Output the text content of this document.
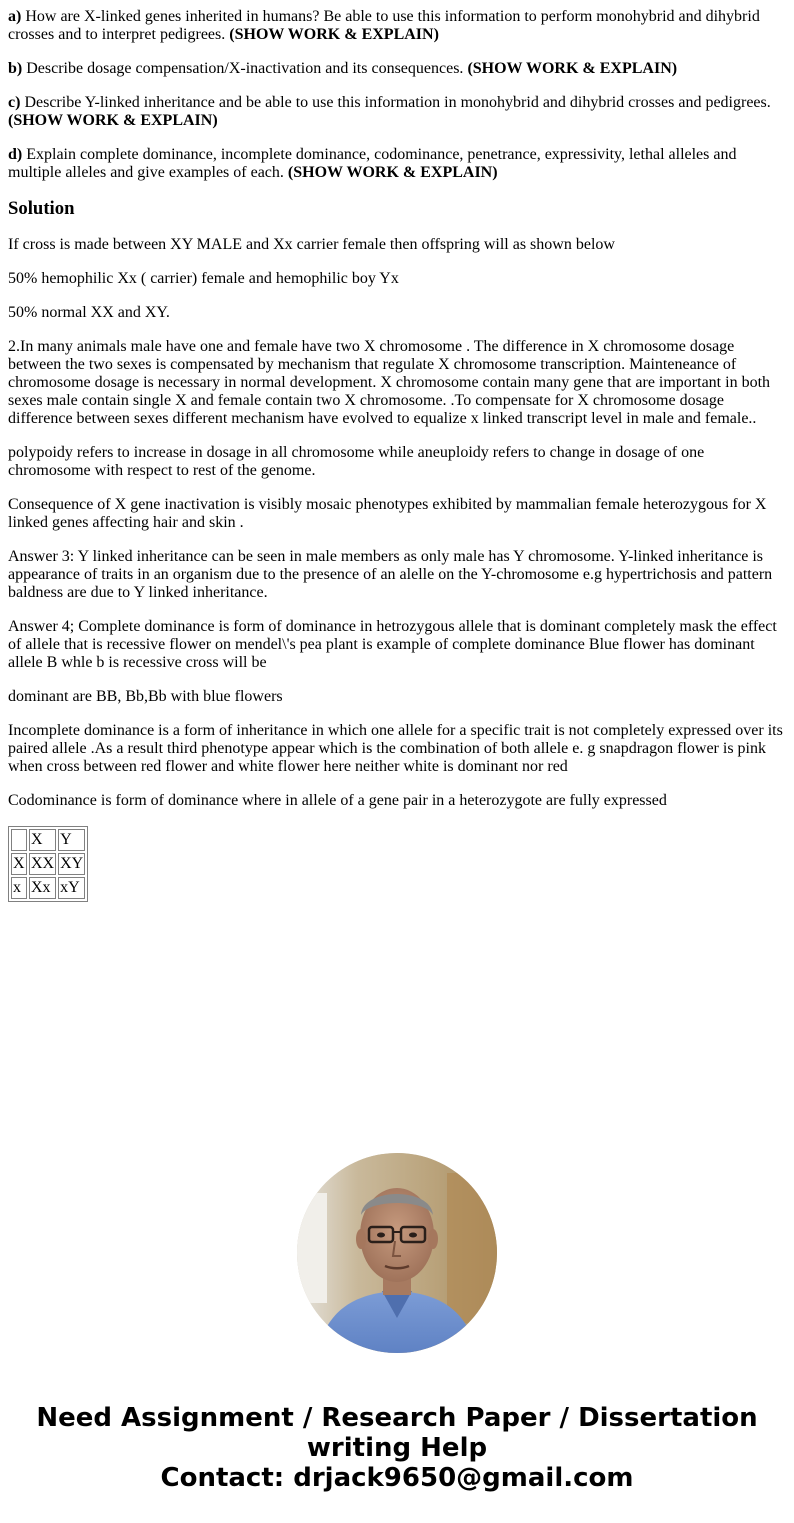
a) How are X-linked genes inherited in humans? Be able to use this information to perform monohybrid and dihybrid crosses and to interpret pedigrees. (SHOW WORK & EXPLAIN)

b) Describe dosage compensation/X-inactivation and its consequences. (SHOW WORK & EXPLAIN)

c) Describe Y-linked inheritance and be able to use this information in monohybrid and dihybrid crosses and pedigrees. (SHOW WORK & EXPLAIN)

d) Explain complete dominance, incomplete dominance, codominance, penetrance, expressivity, lethal alleles and multiple alleles and give examples of each. (SHOW WORK & EXPLAIN)

Solution

If cross is made between XY MALE and Xx carrier female then offspring will as shown below

50% hemophilic Xx ( carrier) female and hemophilic boy Yx

50% normal XX and XY.

2.In many animals male have one and female have two X chromosome . The difference in X chromosome dosage between the two sexes is compensated by mechanism that regulate X chromosome transcription. Mainteneance of chromosome dosage is necessary in normal development. X chromosome contain many gene that are important in both sexes male contain single X and female contain two X chromosome. .To compensate for X chromosome dosage difference between sexes different mechanism have evolved to equalize x linked transcript level in male and female..

polypoidy refers to increase in dosage in all chromosome while aneuploidy refers to change in dosage of one chromosome with respect to rest of the genome.

Consequence of X gene inactivation is visibly mosaic phenotypes exhibited by mammalian female heterozygous for X linked genes affecting hair and skin .

Answer 3: Y linked inheritance can be seen in male members as only male has Y chromosome. Y-linked inheritance is appearance of traits in an organism due to the presence of an alelle on the Y-chromosome e.g hypertrichosis and pattern baldness are due to Y linked inheritance.

Answer 4; Complete dominance is form of dominance in hetrozygous allele that is dominant completely mask the effect of allele that is recessive flower on mendel\'s pea plant is example of complete dominance Blue flower has dominant allele B whle b is recessive cross will be

dominant are BB, Bb,Bb with blue flowers

Incomplete dominance is a form of inheritance in which one allele for a specific trait is not completely expressed over its paired allele .As a result third phenotype appear which is the combination of both allele e. g snapdragon flower is pink when cross between red flower and white flower here neither white is dominant nor red

Codominance is form of dominance where in allele of a gene pair in a heterozygote are fully expressed

	X	Y
X	XX	XY
x	Xx	xY
Need Assignment / Research Paper / Dissertation
writing Help
Contact: drjack9650@gmail.com
